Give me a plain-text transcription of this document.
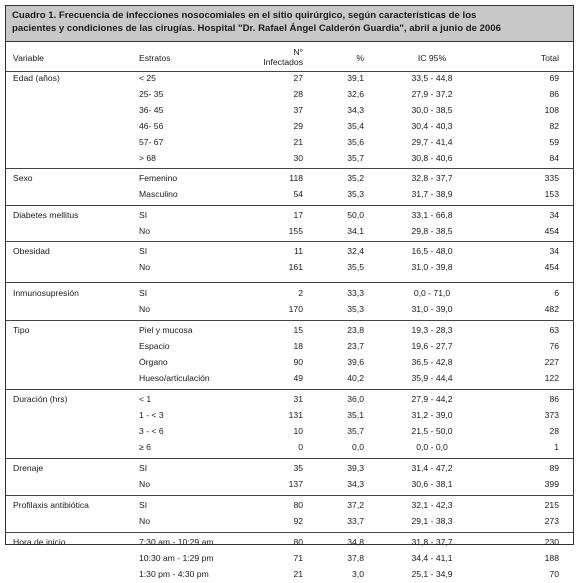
Cuadro 1. Frecuencia de infecciones nosocomiales en el sitio quirúrgico, según características de los
pacientes y condiciones de las cirugías. Hospital "Dr. Rafael Ángel Calderón Guardia", abril a junio de 2006
Variable	Estratos
N°
Infectados	%	IC 95%	Total
Edad (años)	< 25	27	39,1	33,5 - 44,8	69
25- 35	28	32,6	27,9 - 37,2	86
36- 45	37	34,3	30,0 - 38,5	108
46- 56	29	35,4	30,4 - 40,3	82
57- 67	21	35,6	29,7 - 41,4	59
> 68	30	35,7	30,8 - 40,6	84
Sexo	Femenino	118	35,2	32,8 - 37,7	335
Masculino	54	35,3	31,7 - 38,9	153
Diabetes mellitus	SI	17	50,0	33,1 - 66,8	34
No	155	34,1	29,8 - 38,5	454
Obesidad	SI	11	32,4	16,5 - 48,0	34
No	161	35,5	31,0 - 39,8	454
Inmunosupresión	SI	2	33,3	0,0 - 71,0	6
No	170	35,3	31,0 - 39,0	482
Tipo	Piel y mucosa	15	23,8	19,3 - 28,3	63
Espacio	18	23,7	19,6 - 27,7	76
Órgano	90	39,6	36,5 - 42,8	227
Hueso/articulación	49	40,2	35,9 - 44,4	122
Duración (hrs)	< 1	31	36,0	27,9 - 44,2	86
1 - < 3	131	35,1	31,2 - 39,0	373
3 - < 6	10	35,7	21,5 - 50,0	28
≥ 6	0	0,0	0,0 - 0,0	1
Drenaje	SI	35	39,3	31,4 - 47,2	89
No	137	34,3	30,6 - 38,1	399
Profilaxis antibiótica	SI	80	37,2	32,1 - 42,3	215
No	92	33,7	29,1 - 38,3	273
Hora de inicio	7:30 am - 10:29 am	80	34,8	31,8 - 37,7	230
10:30 am - 1:29 pm	71	37,8	34,4 - 41,1	188
1:30 pm - 4:30 pm	21	3,0	25,1 - 34,9	70
